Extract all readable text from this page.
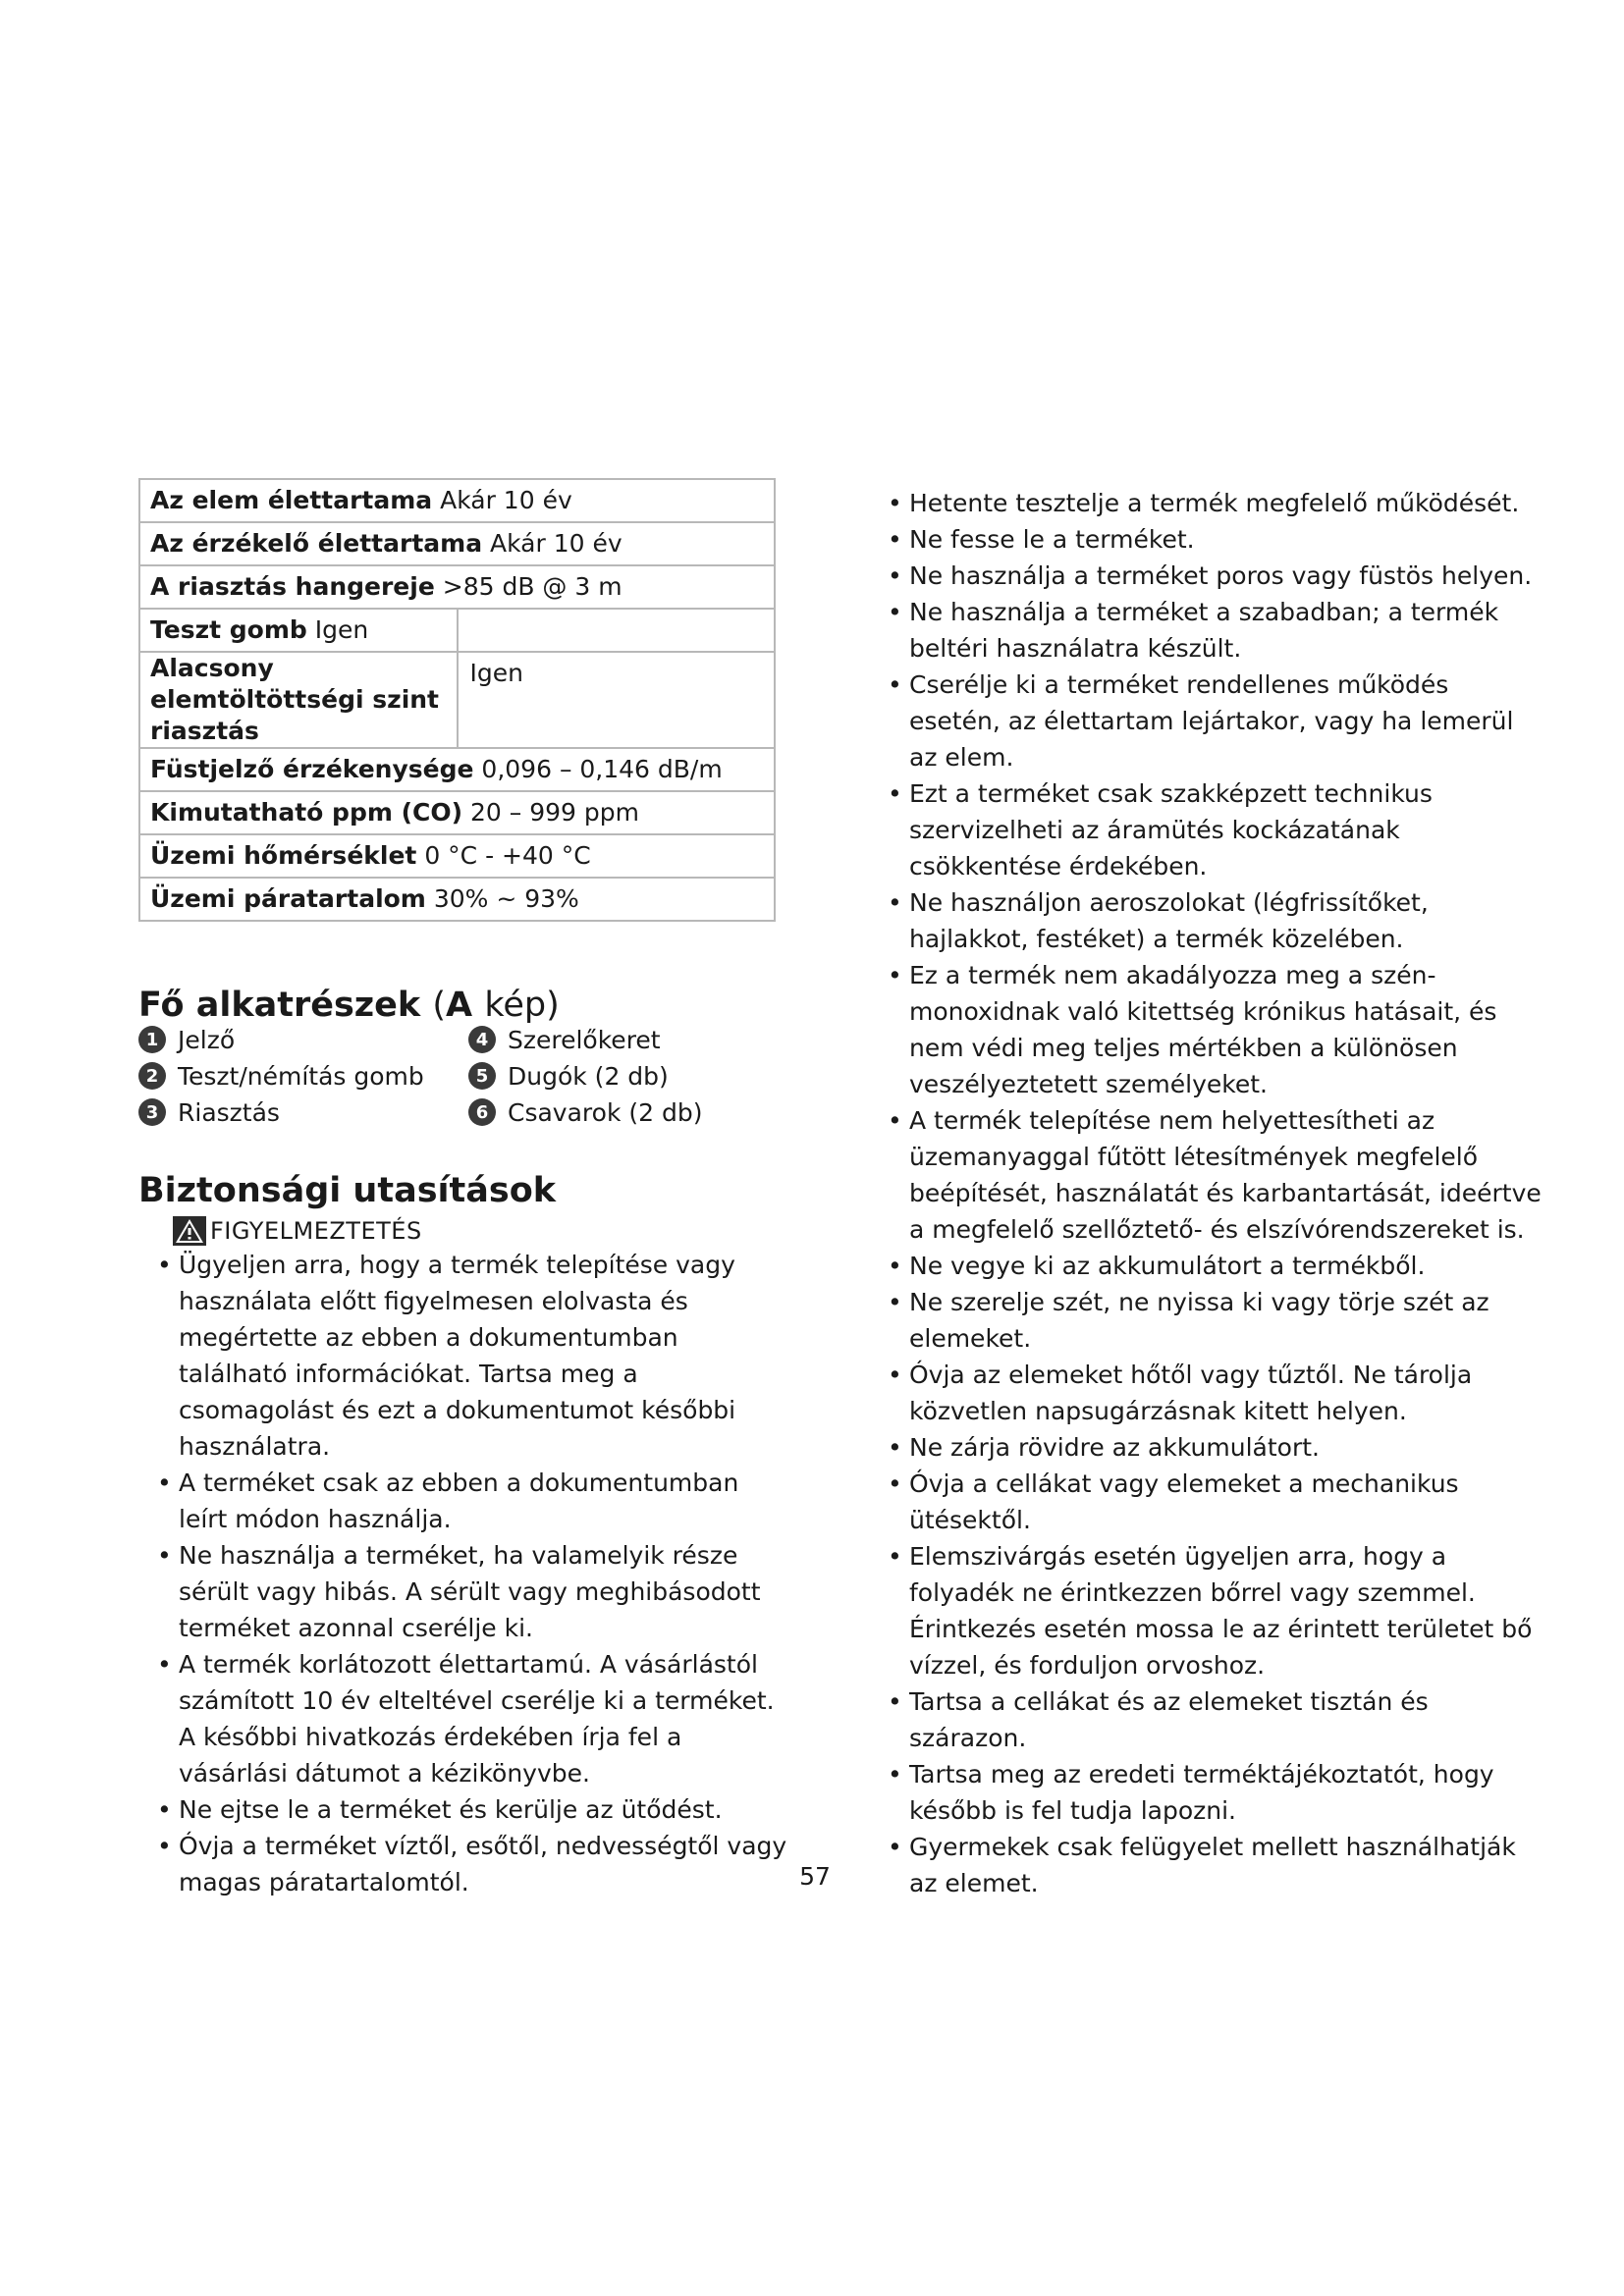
Az elem élettartama Akár 10 év	
Az érzékelő élettartama Akár 10 év	
A riasztás hangereje >85 dB @ 3 m	
Teszt gomb Igen	
Alacsony elemtöltöttségi szint riasztás	Igen
Füstjelző érzékenysége 0,096 – 0,146 dB/m	
Kimutatható ppm (CO) 20 – 999 ppm	
Üzemi hőmérséklet 0 °C - +40 °C	
Üzemi páratartalom 30% ~ 93%	
Fő alkatrészek (A kép)
1 Jelző
2 Teszt/némítás gomb
3 Riasztás
4 Szerelőkeret
5 Dugók (2 db)
6 Csavarok (2 db)
Biztonsági utasítások
FIGYELMEZTETÉS
• Ügyeljen arra, hogy a termék telepítése vagy használata előtt figyelmesen elolvasta és megértette az ebben a dokumentumban található információkat. Tartsa meg a csomagolást és ezt a dokumentumot későbbi használatra.
• A terméket csak az ebben a dokumentumban leírt módon használja.
• Ne használja a terméket, ha valamelyik része sérült vagy hibás. A sérült vagy meghibásodott terméket azonnal cserélje ki.
• A termék korlátozott élettartamú. A vásárlástól számított 10 év elteltével cserélje ki a terméket. A későbbi hivatkozás érdekében írja fel a vásárlási dátumot a kézikönyvbe.
• Ne ejtse le a terméket és kerülje az ütődést.
• Óvja a terméket víztől, esőtől, nedvességtől vagy magas páratartalomtól.
• Hetente tesztelje a termék megfelelő működését.
• Ne fesse le a terméket.
• Ne használja a terméket poros vagy füstös helyen.
• Ne használja a terméket a szabadban; a termék beltéri használatra készült.
• Cserélje ki a terméket rendellenes működés esetén, az élettartam lejártakor, vagy ha lemerül az elem.
• Ezt a terméket csak szakképzett technikus szervizelheti az áramütés kockázatának csökkentése érdekében.
• Ne használjon aeroszolokat (légfrissítőket, hajlakkot, festéket) a termék közelében.
• Ez a termék nem akadályozza meg a szén-monoxidnak való kitettség krónikus hatásait, és nem védi meg teljes mértékben a különösen veszélyeztetett személyeket.
• A termék telepítése nem helyettesítheti az üzemanyaggal fűtött létesítmények megfelelő beépítését, használatát és karbantartását, ideértve a megfelelő szellőztető- és elszívórendszereket is.
• Ne vegye ki az akkumulátort a termékből.
• Ne szerelje szét, ne nyissa ki vagy törje szét az elemeket.
• Óvja az elemeket hőtől vagy tűztől. Ne tárolja közvetlen napsugárzásnak kitett helyen.
• Ne zárja rövidre az akkumulátort.
• Óvja a cellákat vagy elemeket a mechanikus ütésektől.
• Elemszivárgás esetén ügyeljen arra, hogy a folyadék ne érintkezzen bőrrel vagy szemmel. Érintkezés esetén mossa le az érintett területet bő vízzel, és forduljon orvoshoz.
• Tartsa a cellákat és az elemeket tisztán és szárazon.
• Tartsa meg az eredeti terméktájékoztatót, hogy később is fel tudja lapozni.
• Gyermekek csak felügyelet mellett használhatják az elemet.
57
